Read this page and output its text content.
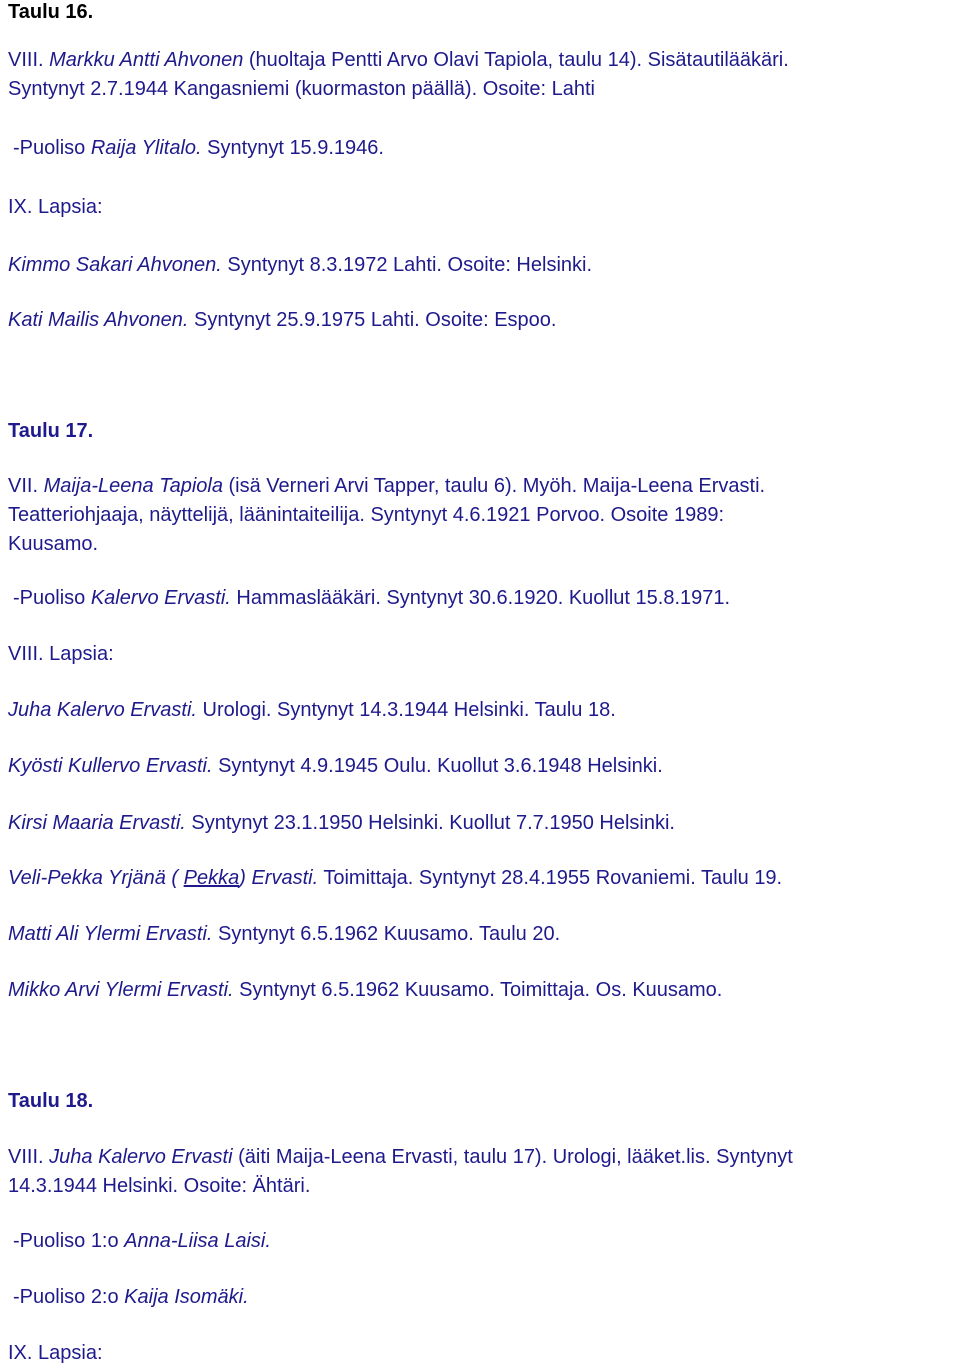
Taulu 16.
VIII. Markku Antti Ahvonen (huoltaja Pentti Arvo Olavi Tapiola, taulu 14). Sisätautilääkäri.
Syntynyt 2.7.1944 Kangasniemi (kuormaston päällä). Osoite: Lahti
-Puoliso Raija Ylitalo. Syntynyt 15.9.1946.
IX. Lapsia:
Kimmo Sakari Ahvonen. Syntynyt 8.3.1972 Lahti. Osoite: Helsinki.
Kati Mailis Ahvonen. Syntynyt 25.9.1975 Lahti. Osoite: Espoo.
Taulu 17.
VII. Maija-Leena Tapiola (isä Verneri Arvi Tapper, taulu 6). Myöh. Maija-Leena Ervasti.
Teatteriohjaaja, näyttelijä, läänintaiteilija. Syntynyt 4.6.1921 Porvoo. Osoite 1989:
Kuusamo.
-Puoliso Kalervo Ervasti. Hammaslääkäri. Syntynyt 30.6.1920. Kuollut 15.8.1971.
VIII. Lapsia:
Juha Kalervo Ervasti. Urologi. Syntynyt 14.3.1944 Helsinki. Taulu 18.
Kyösti Kullervo Ervasti. Syntynyt 4.9.1945 Oulu. Kuollut 3.6.1948 Helsinki.
Kirsi Maaria Ervasti. Syntynyt 23.1.1950 Helsinki. Kuollut 7.7.1950 Helsinki.
Veli-Pekka Yrjänä ( Pekka) Ervasti. Toimittaja. Syntynyt 28.4.1955 Rovaniemi. Taulu 19.
Matti Ali Ylermi Ervasti. Syntynyt 6.5.1962 Kuusamo. Taulu 20.
Mikko Arvi Ylermi Ervasti. Syntynyt 6.5.1962 Kuusamo. Toimittaja. Os. Kuusamo.
Taulu 18.
VIII. Juha Kalervo Ervasti (äiti Maija-Leena Ervasti, taulu 17). Urologi, lääket.lis. Syntynyt
14.3.1944 Helsinki. Osoite: Ähtäri.
-Puoliso 1:o Anna-Liisa Laisi.
-Puoliso 2:o Kaija Isomäki.
IX. Lapsia:
